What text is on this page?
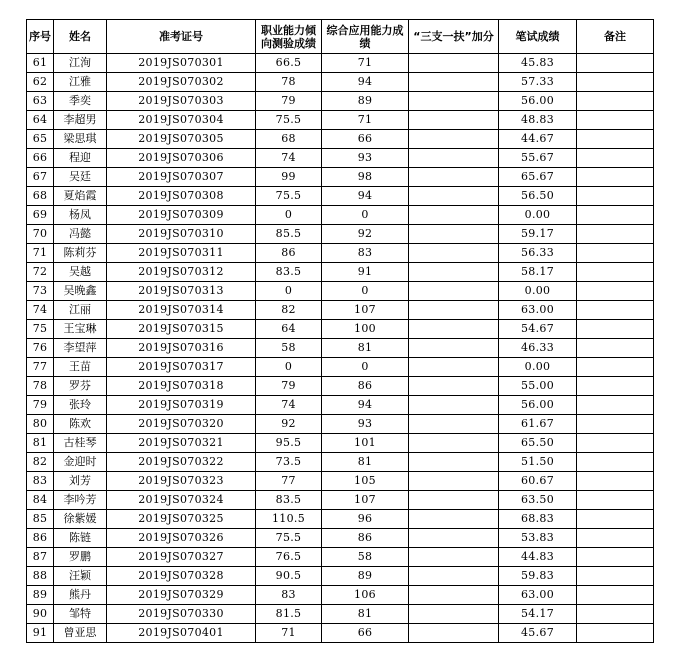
序号	姓名	准考证号	职业能力倾向测验成绩	综合应用能力成绩	“三支一扶”加分	笔试成绩	备注
61	江洵	2019JS070301	66.5	71		45.83	
62	江雅	2019JS070302	78	94		57.33	
63	季奕	2019JS070303	79	89		56.00	
64	李超男	2019JS070304	75.5	71		48.83	
65	梁思琪	2019JS070305	68	66		44.67	
66	程迎	2019JS070306	74	93		55.67	
67	吴廷	2019JS070307	99	98		65.67	
68	夏焰霞	2019JS070308	75.5	94		56.50	
69	杨凤	2019JS070309	0	0		0.00	
70	冯懿	2019JS070310	85.5	92		59.17	
71	陈莉芬	2019JS070311	86	83		56.33	
72	吴越	2019JS070312	83.5	91		58.17	
73	吴晚鑫	2019JS070313	0	0		0.00	
74	江丽	2019JS070314	82	107		63.00	
75	王宝琳	2019JS070315	64	100		54.67	
76	李望萍	2019JS070316	58	81		46.33	
77	王苗	2019JS070317	0	0		0.00	
78	罗芬	2019JS070318	79	86		55.00	
79	张玲	2019JS070319	74	94		56.00	
80	陈欢	2019JS070320	92	93		61.67	
81	古桂琴	2019JS070321	95.5	101		65.50	
82	金迎时	2019JS070322	73.5	81		51.50	
83	刘芳	2019JS070323	77	105		60.67	
84	李吟芳	2019JS070324	83.5	107		63.50	
85	徐紫媛	2019JS070325	110.5	96		68.83	
86	陈链	2019JS070326	75.5	86		53.83	
87	罗鹏	2019JS070327	76.5	58		44.83	
88	汪颖	2019JS070328	90.5	89		59.83	
89	熊丹	2019JS070329	83	106		63.00	
90	邹特	2019JS070330	81.5	81		54.17	
91	曾亚思	2019JS070401	71	66		45.67	
